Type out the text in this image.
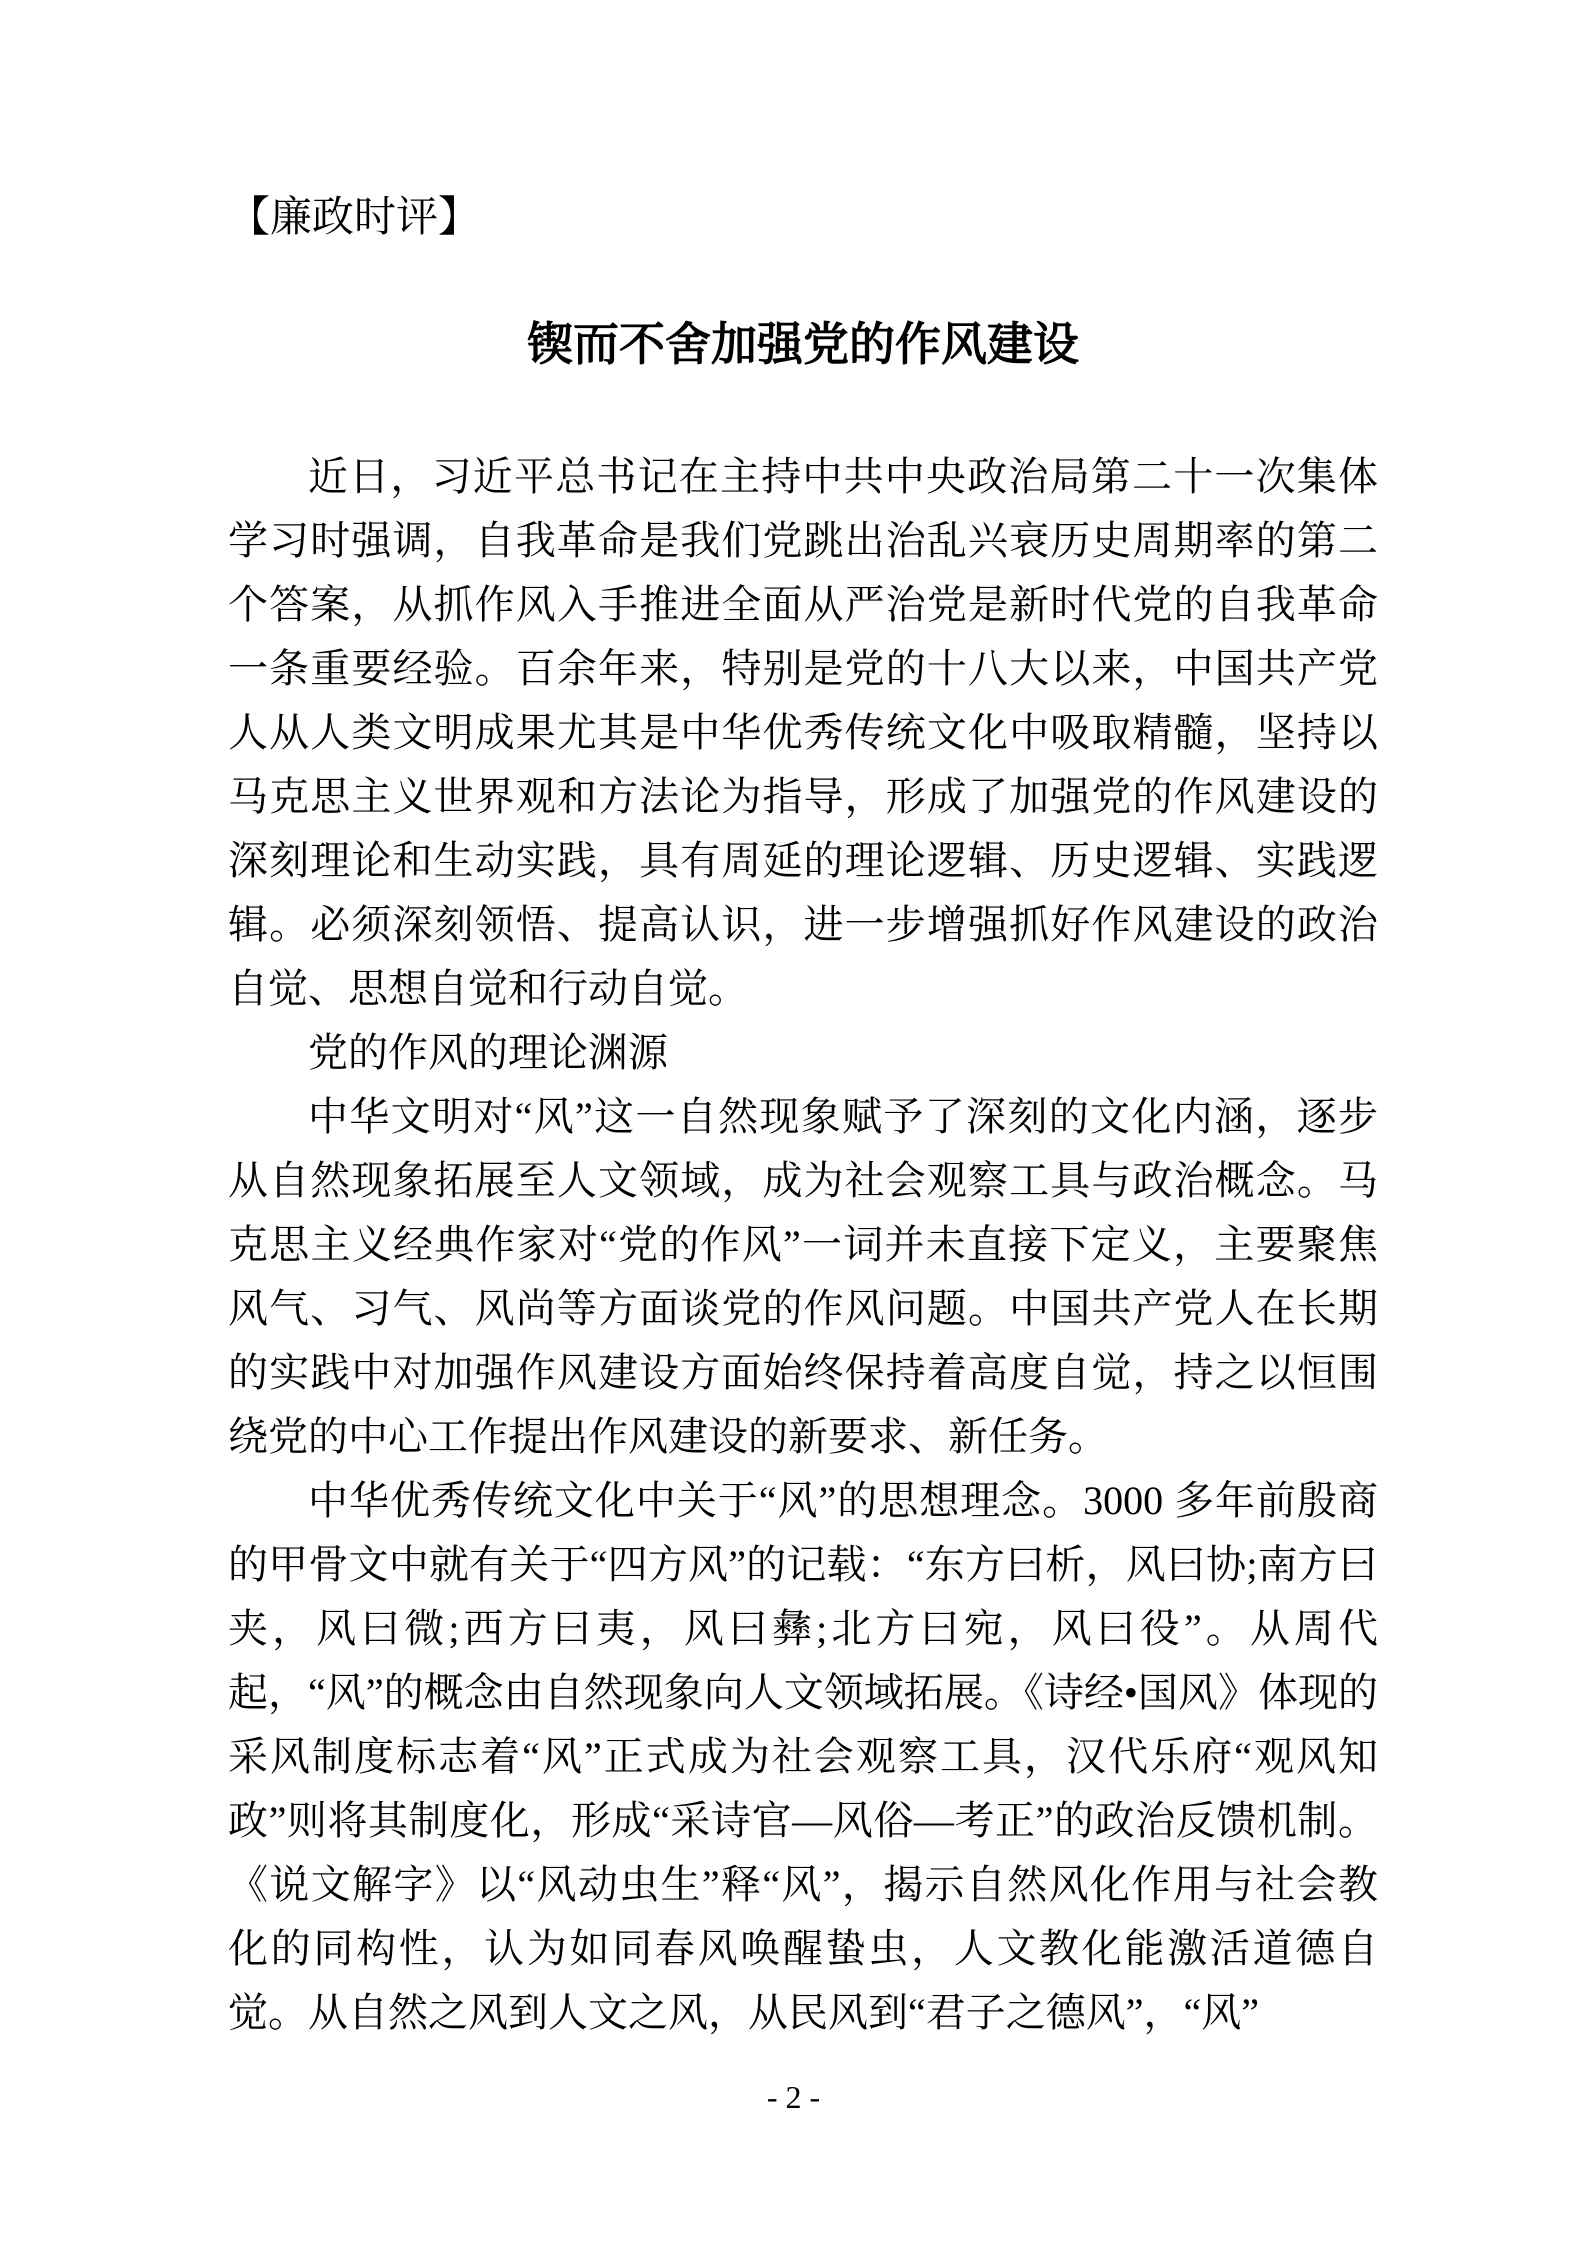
【廉政时评】
锲而不舍加强党的作风建设

近日，习近平总书记在主持中共中央政治局第二十一次集体学习时强调，自我革命是我们党跳出治乱兴衰历史周期率的第二个答案，从抓作风入手推进全面从严治党是新时代党的自我革命一条重要经验。百余年来，特别是党的十八大以来，中国共产党人从人类文明成果尤其是中华优秀传统文化中吸取精髓，坚持以马克思主义世界观和方法论为指导，形成了加强党的作风建设的深刻理论和生动实践，具有周延的理论逻辑、历史逻辑、实践逻辑。必须深刻领悟、提高认识，进一步增强抓好作风建设的政治自觉、思想自觉和行动自觉。

党的作风的理论渊源

中华文明对“风”这一自然现象赋予了深刻的文化内涵，逐步从自然现象拓展至人文领域，成为社会观察工具与政治概念。马克思主义经典作家对“党的作风”一词并未直接下定义，主要聚焦风气、习气、风尚等方面谈党的作风问题。中国共产党人在长期的实践中对加强作风建设方面始终保持着高度自觉，持之以恒围绕党的中心工作提出作风建设的新要求、新任务。

中华优秀传统文化中关于“风”的思想理念。3000 多年前殷商的甲骨文中就有关于“四方风”的记载：“东方曰析，风曰协;南方曰夹，风曰微;西方曰夷，风曰彝;北方曰宛，风曰役”。从周代起，“风”的概念由自然现象向人文领域拓展。《诗经•国风》体现的采风制度标志着“风”正式成为社会观察工具，汉代乐府“观风知政”则将其制度化，形成“采诗官—风俗—考正”的政治反馈机制。《说文解字》以“风动虫生”释“风”，揭示自然风化作用与社会教化的同构性，认为如同春风唤醒蛰虫，人文教化能激活道德自觉。从自然之风到人文之风，从民风到“君子之德风”，“风”

- 2 -
